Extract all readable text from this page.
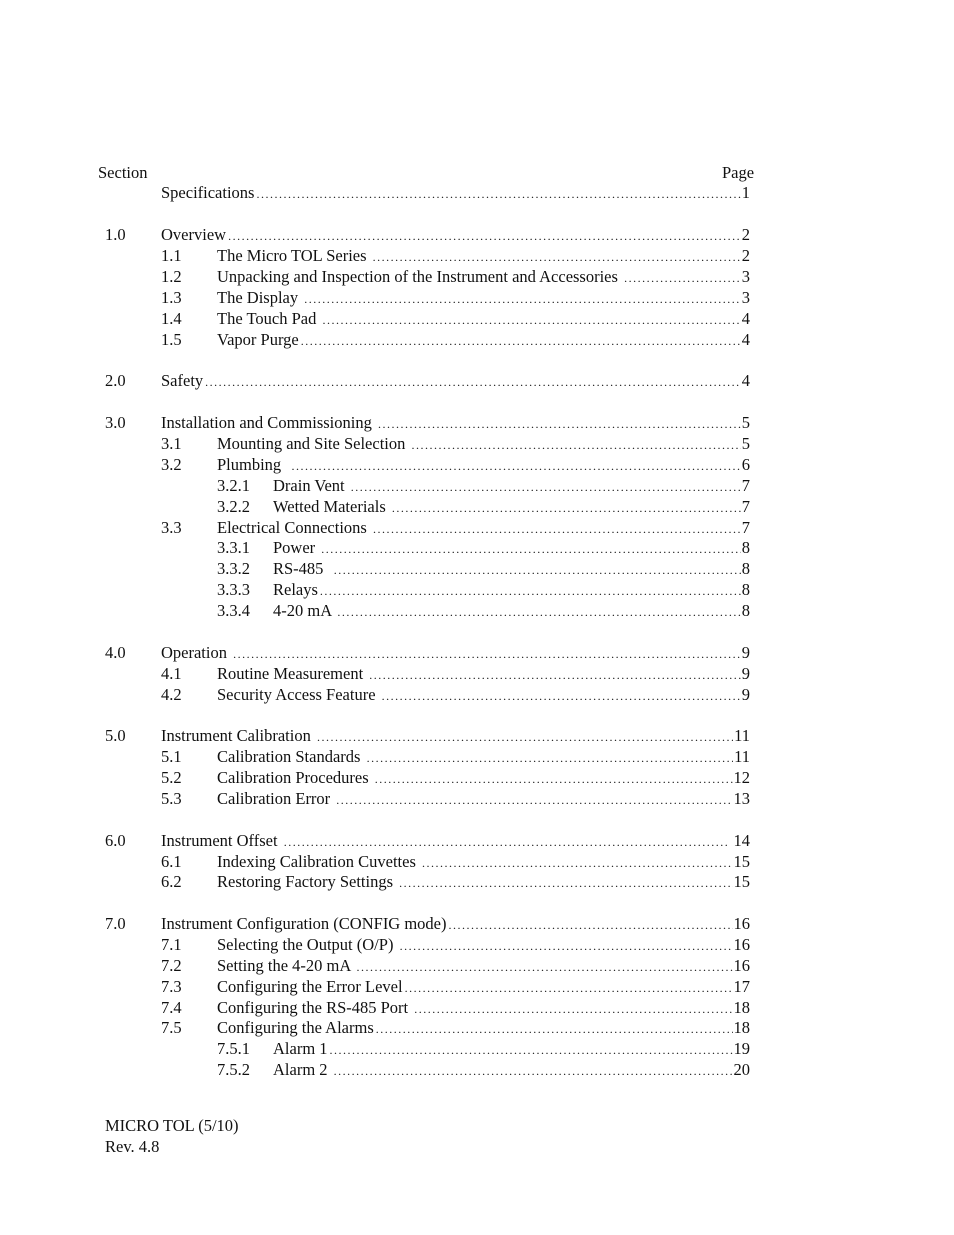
Section	Page
Specifications .....	1
1.0 Overview .....	2
1.1 The Micro TOL Series .....	2
1.2 Unpacking and Inspection of the Instrument and Accessories .....	3
1.3 The Display .....	3
1.4 The Touch Pad .....	4
1.5 Vapor Purge .....	4
2.0 Safety .....	4
3.0 Installation and Commissioning .....	5
3.1 Mounting and Site Selection .....	5
3.2 Plumbing .....	6
3.2.1 Drain Vent .....	7
3.2.2 Wetted Materials .....	7
3.3 Electrical Connections .....	7
3.3.1 Power .....	8
3.3.2 RS-485 .....	8
3.3.3 Relays .....	8
3.3.4 4-20 mA .....	8
4.0 Operation .....	9
4.1 Routine Measurement .....	9
4.2 Security Access Feature .....	9
5.0 Instrument Calibration .....	11
5.1 Calibration Standards .....	11
5.2 Calibration Procedures .....	12
5.3 Calibration Error .....	13
6.0 Instrument Offset .....	14
6.1 Indexing Calibration Cuvettes .....	15
6.2 Restoring Factory Settings .....	15
7.0 Instrument Configuration (CONFIG mode) .....	16
7.1 Selecting the Output (O/P) .....	16
7.2 Setting the 4-20 mA .....	16
7.3 Configuring the Error Level .....	17
7.4 Configuring the RS-485 Port .....	18
7.5 Configuring the Alarms .....	18
7.5.1 Alarm 1 .....	19
7.5.2 Alarm 2 .....	20
MICRO TOL (5/10)
Rev. 4.8
